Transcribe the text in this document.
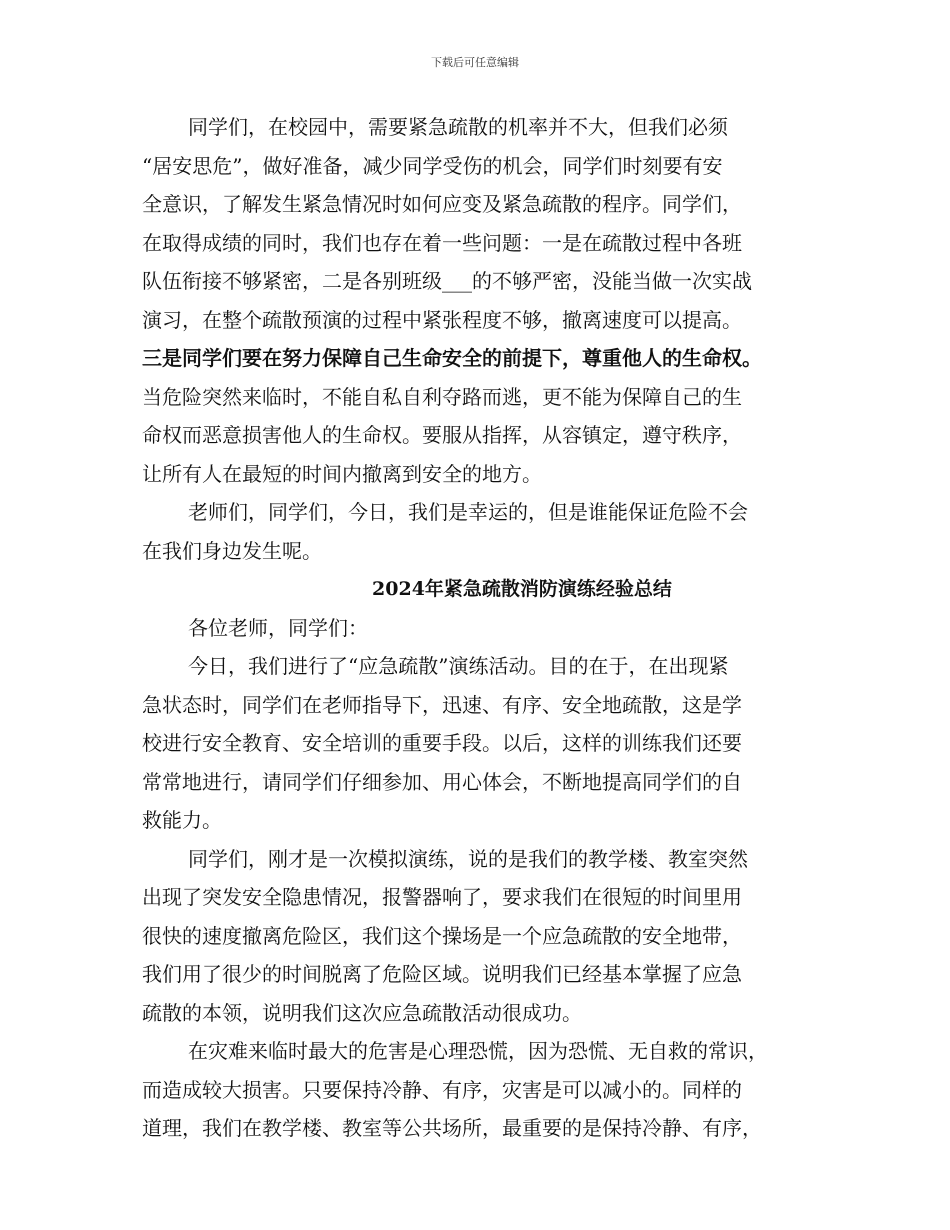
下载后可任意编辑
同学们，在校园中，需要紧急疏散的机率并不大，但我们必须
“居安思危”，做好准备，减少同学受伤的机会，同学们时刻要有安
全意识，了解发生紧急情况时如何应变及紧急疏散的程序。同学们，
在取得成绩的同时，我们也存在着一些问题：一是在疏散过程中各班
队伍衔接不够紧密，二是各别班级___的不够严密，没能当做一次实战
演习，在整个疏散预演的过程中紧张程度不够，撤离速度可以提高。
三是同学们要在努力保障自己生命安全的前提下，尊重他人的生命权。
当危险突然来临时，不能自私自利夺路而逃，更不能为保障自己的生
命权而恶意损害他人的生命权。要服从指挥，从容镇定，遵守秩序，
让所有人在最短的时间内撤离到安全的地方。
老师们，同学们，今日，我们是幸运的，但是谁能保证危险不会
在我们身边发生呢。
2024年紧急疏散消防演练经验总结
各位老师，同学们：
今日，我们进行了“应急疏散”演练活动。目的在于，在出现紧
急状态时，同学们在老师指导下，迅速、有序、安全地疏散，这是学
校进行安全教育、安全培训的重要手段。以后，这样的训练我们还要
常常地进行，请同学们仔细参加、用心体会，不断地提高同学们的自
救能力。
同学们，刚才是一次模拟演练，说的是我们的教学楼、教室突然
出现了突发安全隐患情况，报警器响了，要求我们在很短的时间里用
很快的速度撤离危险区，我们这个操场是一个应急疏散的安全地带，
我们用了很少的时间脱离了危险区域。说明我们已经基本掌握了应急
疏散的本领，说明我们这次应急疏散活动很成功。
在灾难来临时最大的危害是心理恐慌，因为恐慌、无自救的常识，
而造成较大损害。只要保持冷静、有序，灾害是可以减小的。同样的
道理，我们在教学楼、教室等公共场所，最重要的是保持冷静、有序，
